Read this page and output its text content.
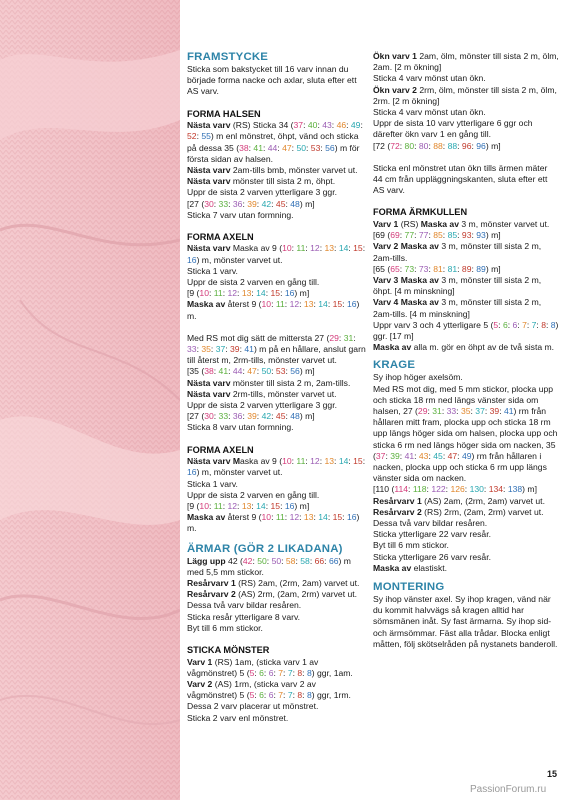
FRAMSTYCKE

Sticka som bakstycket till 16 varv innan du började forma nacke och axlar, sluta efter ett AS varv.

FORMA HALSEN

Nästa varv (RS) Sticka 34 (37: 40: 43: 46: 49: 52: 55) m enl mönstret, öhpt, vänd och sticka på dessa 35 (38: 41: 44: 47: 50: 53: 56) m för första sidan av halsen.

Nästa varv 2am-tills bmb, mönster varvet ut.

Nästa varv mönster till sista 2 m, öhpt.

Uppr de sista 2 varven ytterligare 3 ggr.

[27 (30: 33: 36: 39: 42: 45: 48) m]

Sticka 7 varv utan formning.

FORMA AXELN

Nästa varv Maska av 9 (10: 11: 12: 13: 14: 15: 16) m, mönster varvet ut.

Sticka 1 varv.

Uppr de sista 2 varven en gång till.

[9 (10: 11: 12: 13: 14: 15: 16) m]

Maska av återst 9 (10: 11: 12: 13: 14: 15: 16) m.

Med RS mot dig sätt de mittersta 27 (29: 31: 33: 35: 37: 39: 41) m på en hållare, anslut garn till återst m, 2rm-tills, mönster varvet ut.

[35 (38: 41: 44: 47: 50: 53: 56) m]

Nästa varv mönster till sista 2 m, 2am-tills.

Nästa varv 2rm-tills, mönster varvet ut.

Uppr de sista 2 varven ytterligare 3 ggr.

[27 (30: 33: 36: 39: 42: 45: 48) m]

Sticka 8 varv utan formning.

FORMA AXELN

Nästa varv Maska av 9 (10: 11: 12: 13: 14: 15: 16) m, mönster varvet ut.

Sticka 1 varv.

Uppr de sista 2 varven en gång till.

[9 (10: 11: 12: 13: 14: 15: 16) m]

Maska av återst 9 (10: 11: 12: 13: 14: 15: 16) m.

ÄRMAR (GÖR 2 LIKADANA)

Lägg upp 42 (42: 50: 50: 58: 58: 66: 66) m med 5,5 mm stickor.

Resårvarv 1 (RS) 2am, (2rm, 2am) varvet ut.

Resårvarv 2 (AS) 2rm, (2am, 2rm) varvet ut.

Dessa två varv bildar resåren.

Sticka resår ytterligare 8 varv.

Byt till 6 mm stickor.

STICKA MÖNSTER

Varv 1 (RS) 1am, (sticka varv 1 av vågmönstret) 5 (5: 6: 6: 7: 7: 8: 8) ggr, 1am.

Varv 2 (AS) 1rm, (sticka varv 2 av vågmönstret) 5 (5: 6: 6: 7: 7: 8: 8) ggr, 1rm.

Dessa 2 varv placerar ut mönstret.

Sticka 2 varv enl mönstret.

Ökn varv 1 2am, ölm, mönster till sista 2 m, ölm, 2am. [2 m ökning]

Sticka 4 varv mönst utan ökn.

Ökn varv 2 2rm, ölm, mönster till sista 2 m, ölm, 2rm. [2 m ökning]

Sticka 4 varv mönst utan ökn.

Uppr de sista 10 varv ytterligare 6 ggr och därefter ökn varv 1 en gång till.

[72 (72: 80: 80: 88: 88: 96: 96) m]

Sticka enl mönstret utan ökn tills ärmen mäter 44 cm från uppläggningskanten, sluta efter ett AS varv.

FORMA ÄRMKULLEN

Varv 1 (RS) Maska av 3 m, mönster varvet ut.

[69 (69: 77: 77: 85: 85: 93: 93) m]

Varv 2 Maska av 3 m, mönster till sista 2 m, 2am-tills.

[65 (65: 73: 73: 81: 81: 89: 89) m]

Varv 3 Maska av 3 m, mönster till sista 2 m, öhpt. [4 m minskning]

Varv 4 Maska av 3 m, mönster till sista 2 m, 2am-tills. [4 m minskning]

Uppr varv 3 och 4 ytterligare 5 (5: 6: 6: 7: 7: 8: 8) ggr. [17 m]

Maska av alla m. gör en öhpt av de två sista m.

KRAGE

Sy ihop höger axelsöm.

Med RS mot dig, med 5 mm stickor, plocka upp och sticka 18 rm ned längs vänster sida om halsen, 27 (29: 31: 33: 35: 37: 39: 41) rm från hållaren mitt fram, plocka upp och sticka 18 rm upp längs höger sida om halsen, plocka upp och sticka 6 rm ned längs höger sida om nacken, 35 (37: 39: 41: 43: 45: 47: 49) rm från hållaren i nacken, plocka upp och sticka 6 rm upp längs vänster sida om nacken.

[110 (114: 118: 122: 126: 130: 134: 138) m]

Resårvarv 1 (AS) 2am, (2rm, 2am) varvet ut.

Resårvarv 2 (RS) 2rm, (2am, 2rm) varvet ut.

Dessa två varv bildar resåren.

Sticka ytterligare 22 varv resår.

Byt till 6 mm stickor.

Sticka ytterligare 26 varv resår.

Maska av elastiskt.

MONTERING

Sy ihop vänster axel. Sy ihop kragen, vänd när du kommit halvvägs så kragen alltid har sömsmänen inåt. Sy fast ärmarna. Sy ihop sid- och ärmsömmar. Fäst alla trådar. Blocka enligt måtten, följ skötselråden på nystanets banderoll.

15
PassionForum.ru
